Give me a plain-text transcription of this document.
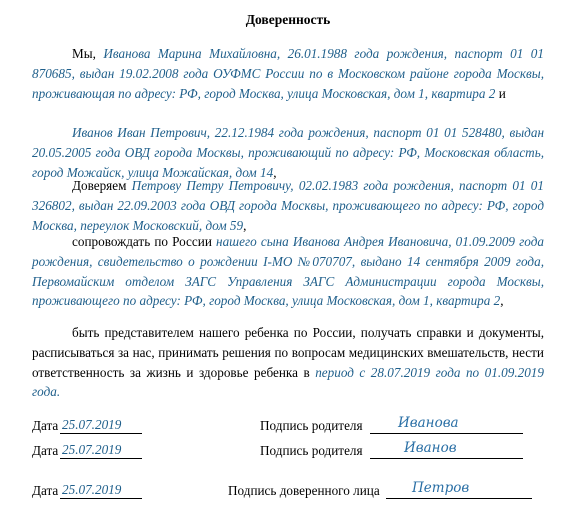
Доверенность
Мы, Иванова Марина Михайловна, 26.01.1988 года рождения, паспорт 01 01 870685, выдан 19.02.2008 года ОУФМС России по в Московском районе города Москвы, проживающая по адресу: РФ, город Москва, улица Московская, дом 1, квартира 2 и
Иванов Иван Петрович, 22.12.1984 года рождения, паспорт 01 01 528480, выдан 20.05.2005 года ОВД города Москвы, проживающий по адресу: РФ, Московская область, город Можайск, улица Можайская, дом 14,
Доверяем Петрову Петру Петровичу, 02.02.1983 года рождения, паспорт 01 01 326802, выдан 22.09.2003 года ОВД города Москвы, проживающего по адресу: РФ, город Москва, переулок Московский, дом 59,
сопровождать по России нашего сына Иванова Андрея Ивановича, 01.09.2009 года рождения, свидетельство о рождении I-МО №070707, выдано 14 сентября 2009 года, Первомайским отделом ЗАГС Управления ЗАГС Администрации города Москвы, проживающего по адресу: РФ, город Москва, улица Московская, дом 1, квартира 2,
быть представителем нашего ребенка по России, получать справки и документы, расписываться за нас, принимать решения по вопросам медицинских вмешательств, нести ответственность за жизнь и здоровье ребенка в период с 28.07.2019 года по 01.09.2019 года.
Дата 25.07.2019	Подпись родителя	Иванова
Дата 25.07.2019	Подпись родителя	Иванов
Дата 25.07.2019	Подпись доверенного лица Петров
